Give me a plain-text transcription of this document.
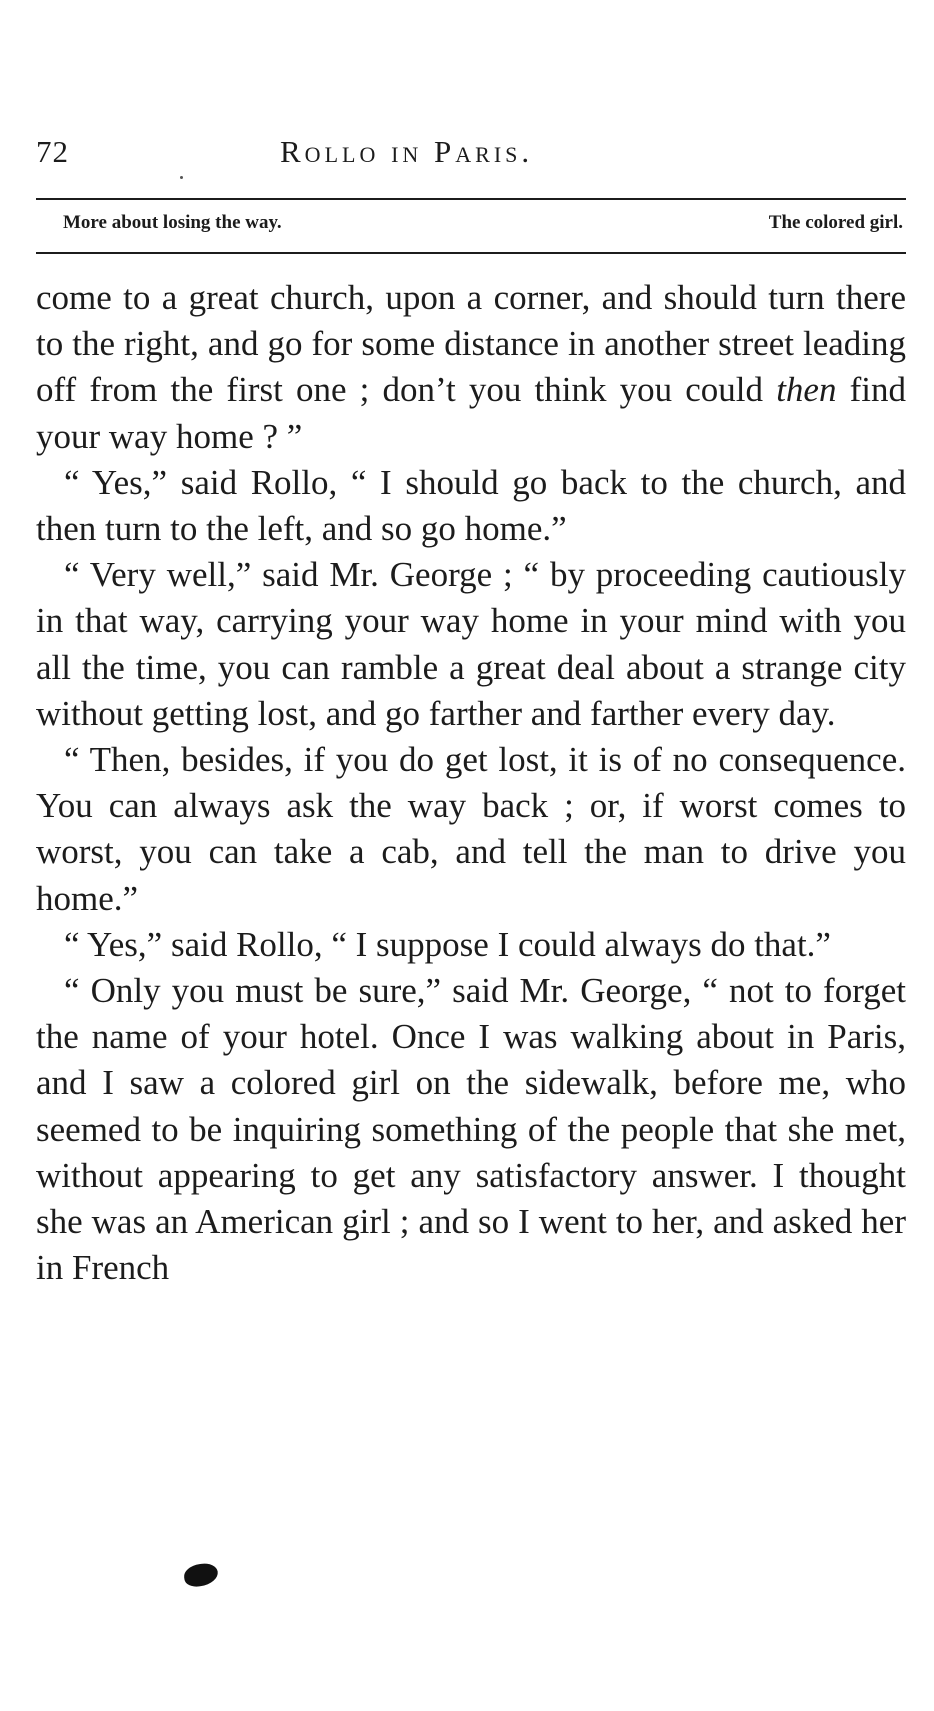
72	Rollo in Paris.
More about losing the way.	The colored girl.

come to a great church, upon a corner, and should turn there to the right, and go for some distance in another street leading off from the first one ; don’t you think you could then find your way home ? ”

“ Yes,” said Rollo, “ I should go back to the church, and then turn to the left, and so go home.”

“ Very well,” said Mr. George ; “ by proceeding cautiously in that way, carrying your way home in your mind with you all the time, you can ramble a great deal about a strange city without getting lost, and go farther and farther every day.

“ Then, besides, if you do get lost, it is of no consequence. You can always ask the way back ; or, if worst comes to worst, you can take a cab, and tell the man to drive you home.”

“ Yes,” said Rollo, “ I suppose I could always do that.”

“ Only you must be sure,” said Mr. George, “ not to forget the name of your hotel. Once I was walking about in Paris, and I saw a colored girl on the sidewalk, before me, who seemed to be inquiring something of the people that she met, without appearing to get any satisfactory answer. I thought she was an American girl ; and so I went to her, and asked her in French
